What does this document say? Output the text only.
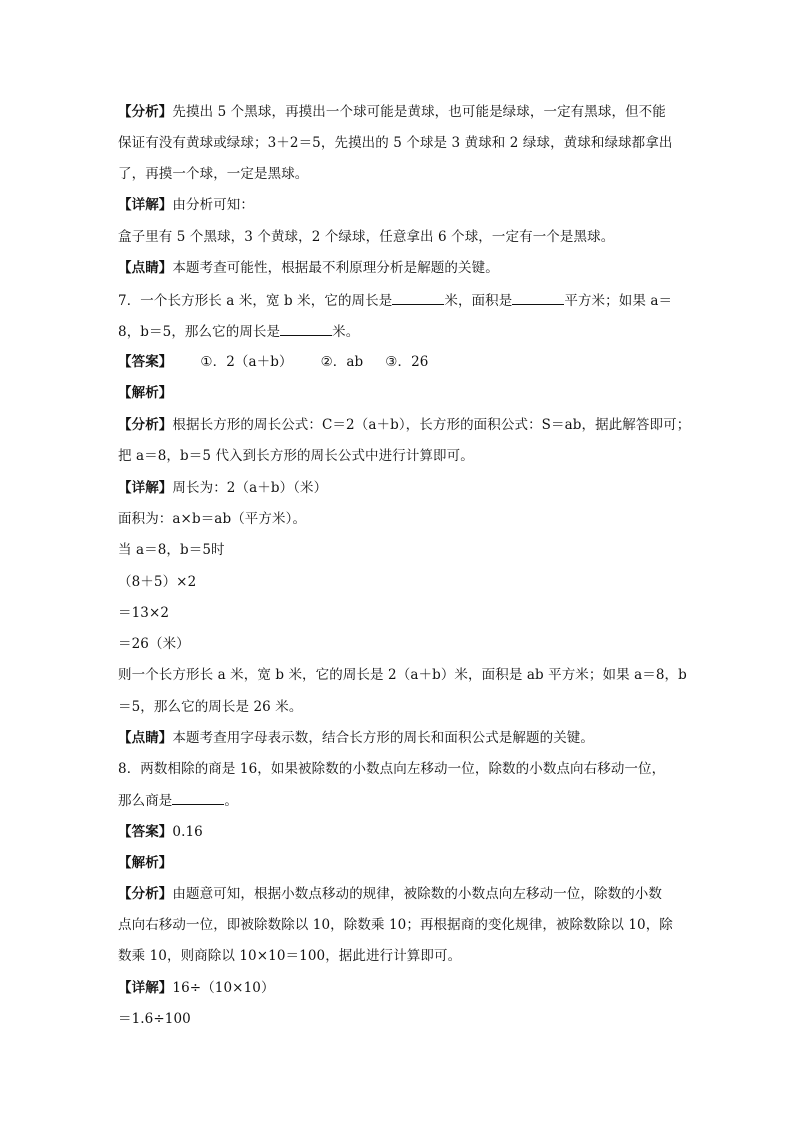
【分析】先摸出 5 个黑球，再摸出一个球可能是黄球，也可能是绿球，一定有黑球，但不能
保证有没有黄球或绿球；3＋2＝5，先摸出的 5 个球是 3 黄球和 2 绿球，黄球和绿球都拿出
了，再摸一个球，一定是黑球。
【详解】由分析可知：
盒子里有 5 个黑球，3 个黄球，2 个绿球，任意拿出 6 个球，一定有一个是黑球。
【点睛】本题考查可能性，根据最不利原理分析是解题的关键。
7．一个长方形长 a 米，宽 b 米，它的周长是	米，面积是	平方米；如果 a＝
8，b＝5，那么它的周长是	米。
【答案】 ①．2（a＋b） ②．ab ③．26
【解析】
【分析】根据长方形的周长公式：C＝2（a＋b），长方形的面积公式：S＝ab，据此解答即可；
把 a＝8，b＝5 代入到长方形的周长公式中进行计算即可。
【详解】周长为：2（a＋b）（米）
面积为：a×b＝ab（平方米）。
当 a＝8，b＝5时
（8＋5）×2
＝13×2
＝26（米）
则一个长方形长 a 米，宽 b 米，它的周长是 2（a＋b）米，面积是 ab 平方米；如果 a＝8，b
＝5，那么它的周长是 26 米。
【点睛】本题考查用字母表示数，结合长方形的周长和面积公式是解题的关键。
8．两数相除的商是 16，如果被除数的小数点向左移动一位，除数的小数点向右移动一位，
那么商是	。
【答案】0.16
【解析】
【分析】由题意可知，根据小数点移动的规律，被除数的小数点向左移动一位，除数的小数
点向右移动一位，即被除数除以 10，除数乘 10；再根据商的变化规律，被除数除以 10，除
数乘 10，则商除以 10×10＝100，据此进行计算即可。
【详解】16÷（10×10）
＝1.6÷100
